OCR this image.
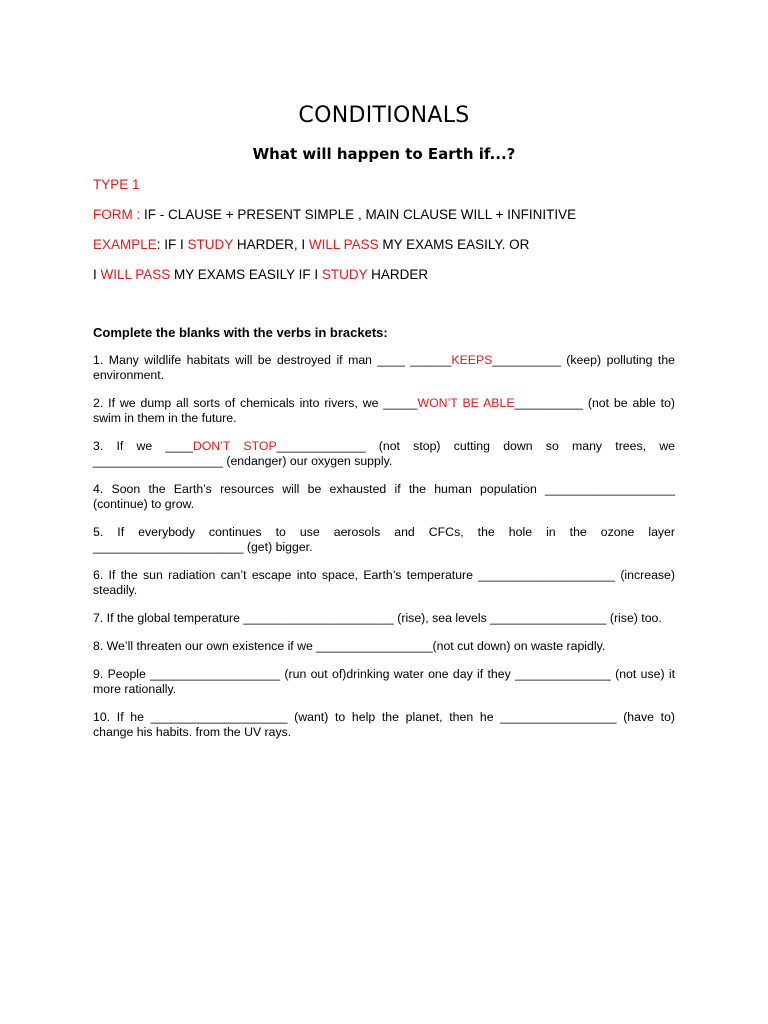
CONDITIONALS
What will happen to Earth if...?
TYPE 1
FORM : IF - CLAUSE + PRESENT SIMPLE , MAIN CLAUSE WILL + INFINITIVE
EXAMPLE: IF I STUDY HARDER, I WILL PASS MY EXAMS EASILY. OR
I WILL PASS MY EXAMS EASILY IF I STUDY HARDER
Complete the blanks with the verbs in brackets:

1. Many wildlife habitats will be destroyed if man ____ ______KEEPS__________ (keep) polluting the environment.

2. If we dump all sorts of chemicals into rivers, we _____WON’T BE ABLE__________ (not be able to) swim in them in the future.

3. If we ____DON’T STOP_____________ (not stop) cutting down so many trees, we ___________________ (endanger) our oxygen supply.

4. Soon the Earth’s resources will be exhausted if the human population ___________________ (continue) to grow.

5. If everybody continues to use aerosols and CFCs, the hole in the ozone layer ______________________ (get) bigger.

6. If the sun radiation can’t escape into space, Earth’s temperature ____________________ (increase) steadily.

7. If the global temperature ______________________ (rise), sea levels _________________ (rise) too.

8. We’ll threaten our own existence if we _________________(not cut down) on waste rapidly.

9. People ___________________ (run out of)drinking water one day if they ______________ (not use) it more rationally.

10. If he ____________________ (want) to help the planet, then he _________________ (have to) change his habits. from the UV rays.
